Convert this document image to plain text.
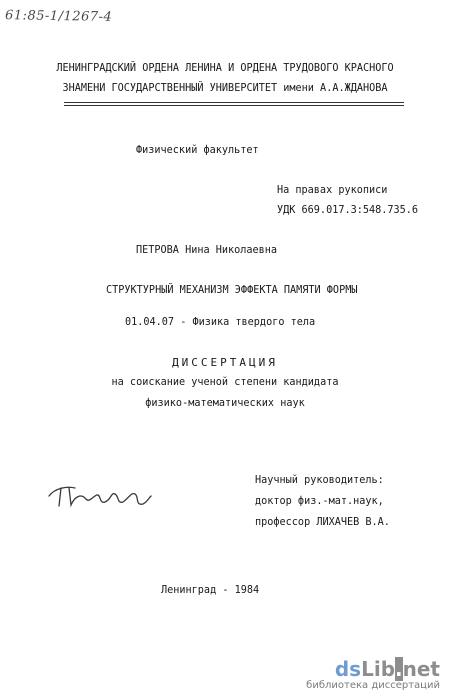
61:85-1/1267-4
ЛЕНИНГРАДСКИЙ ОРДЕНА ЛЕНИНА И ОРДЕНА ТРУДОВОГО КРАСНОГО
ЗНАМЕНИ ГОСУДАРСТВЕННЫЙ УНИВЕРСИТЕТ имени А.А.ЖДАНОВА
Физический факультет
На правах рукописи
УДК 669.017.3:548.735.6
ПЕТРОВА Нина Николаевна
СТРУКТУРНЫЙ МЕХАНИЗМ ЭФФЕКТА ПАМЯТИ ФОРМЫ
01.04.07 - Физика твердого тела
ДИССЕРТАЦИЯ
на соискание ученой степени кандидата
физико-математических наук
Научный руководитель:
доктор физ.-мат.наук,
профессор ЛИХАЧЕВ В.А.
Ленинград - 1984
dsLib.net
библиотека диссертаций
